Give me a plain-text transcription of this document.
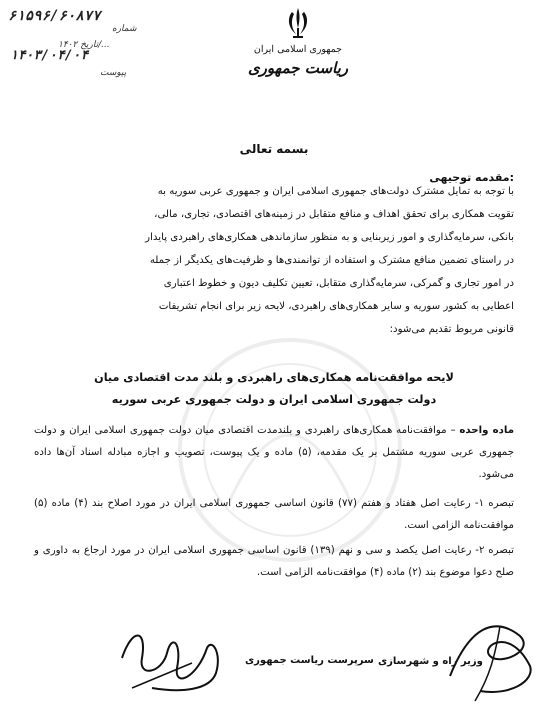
۶۱۵۹۶/۶۰۸۷۷
شماره
تاریخ ۱۴۰۲/...
۱۴۰۳/۰۴/۰۴
پیوست
جمهوری اسلامی ایران
ریاست جمهوری
بسمه تعالی
مقدمه توجیهی:
با توجه به تمایل مشترک دولت‌های جمهوری اسلامی ایران و جمهوری عربی سوریه به
تقویت همکاری برای تحقق اهداف و منافع متقابل در زمینه‌های اقتصادی، تجاری، مالی،
بانکی، سرمایه‌گذاری و امور زیربنایی و به منظور سازماندهی همکاری‌های راهبردی پایدار
در راستای تضمین منافع مشترک و استفاده از توانمندی‌ها و ظرفیت‌های یکدیگر از جمله
در امور تجاری و گمرکی، سرمایه‌گذاری متقابل، تعیین تکلیف دیون و خطوط اعتباری
اعطایی به کشور سوریه و سایر همکاری‌های راهبردی، لایحه زیر برای انجام تشریفات
قانونی مربوط تقدیم می‌شود:
لایحه موافقت‌نامه همکاری‌های راهبردی و بلند مدت اقتصادی میان
دولت جمهوری اسلامی ایران و دولت جمهوری عربی سوریه
ماده واحده – موافقت‌نامه همکاری‌های راهبردی و بلندمدت اقتصادی میان دولت جمهوری اسلامی ایران و دولت جمهوری عربی سوریه مشتمل بر یک مقدمه، (۵) ماده و یک پیوست، تصویب و اجازه مبادله اسناد آن‌ها داده می‌شود.
تبصره ۱- رعایت اصل هفتاد و هفتم (۷۷) قانون اساسی جمهوری اسلامی ایران در مورد اصلاح بند (۴) ماده (۵) موافقت‌نامه الزامی است.
تبصره ۲- رعایت اصل یکصد و سی و نهم (۱۳۹) قانون اساسی جمهوری اسلامی ایران در مورد ارجاع به داوری و صلح دعوا موضوع بند (۲) ماده (۴) موافقت‌نامه الزامی است.
سرپرست ریاست جمهوری وزیر راه و شهرسازی
